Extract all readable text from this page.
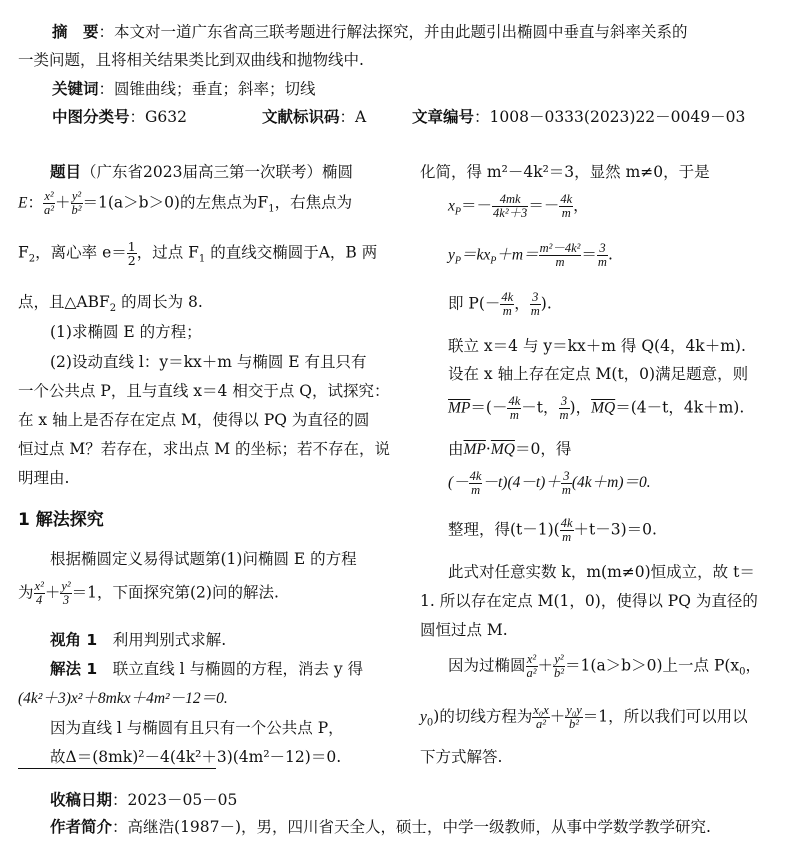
摘　要：本文对一道广东省高三联考题进行解法探究，并由此题引出椭圆中垂直与斜率关系的
一类问题，且将相关结果类比到双曲线和抛物线中.
关键词：圆锥曲线；垂直；斜率；切线
中图分类号：G632	文献标识码：A	文章编号：1008－0333(2023)22－0049－03
题目（广东省2023届高三第一次联考）椭圆
E： $\frac{\text{x²}}{\text{a²}} + \frac{\text{y²}}{\text{b²}} =1(a>b>0)$的左焦点为$F_1$，右焦点为
$F_2$，离心率 $e= \frac{1}{2}$ ，过点 $F_1$ 的直线交椭圆于A，B 两
点，且$\triangle ABF_2$ 的周长为 8.
(1)求椭圆 E 的方程；
(2)设动直线 l：y＝kx＋m 与椭圆 E 有且只有
一个公共点 P，且与直线 x＝4 相交于点 Q，试探究：
在 x 轴上是否存在定点 M，使得以 PQ 为直径的圆
恒过点 M？若存在，求出点 M 的坐标；若不存在，说
明理由.
1 解法探究
根据椭圆定义易得试题第(1)问椭圆 E 的方程
为 $\frac{\text{x²}}{4} + \frac{\text{y²}}{3} =1$，下面探究第(2)问的解法.
视角 1　利用判别式求解.
解法 1　联立直线 l 与椭圆的方程，消去 y 得
(4k²＋3)x²＋8mkx＋4m²－12＝0.
因为直线 l 与椭圆有且只有一个公共点 P，
故Δ＝(8mk)²－4(4k²＋3)(4m²－12)＝0.
化简，得 m²－4k²＝3，显然 m≠0，于是
$x_P=- \frac{4mk}{\text{4k²＋3}} =- \frac{4k}{m}$ ，
$y_P=kx_P+m= \frac{\text{m²－4k²}}{m} = \frac{3}{m}$ .
即 $P(- \frac{4k}{m}$ ， $\frac{3}{m}$ ).
联立 x＝4 与 y＝kx＋m 得 Q(4，4k＋m).
设在 x 轴上存在定点 M(t，0)满足题意，则
$\overline{MP}=(- \frac{4k}{m} -t$， $\frac{3}{m}$ )，$\overline{MQ}=(4-t$，4k＋m).
由$\overline{MP}\cdot\overline{MQ}=0$，得
(－ $\frac{4k}{m} -t)(4-t)+ \frac{3}{m} (4k+m)=0$.
整理，得$(t-1)( \frac{4k}{m} +t-3)=0$.
此式对任意实数 k，m(m≠0)恒成立，故 t＝
1. 所以存在定点 M(1，0)，使得以 PQ 为直径的
圆恒过点 M.
因为过椭圆 $\frac{\text{x²}}{\text{a²}} + \frac{\text{y²}}{\text{b²}} =1(a>b>0)$上一点 $P(x_0$，
$y_0$)的切线方程为 $\frac{\text{x₀x}}{\text{a²}} + \frac{\text{y₀y}}{\text{b²}} =1$，所以我们可以用以
下方式解答.
收稿日期：2023－05－05
作者简介：高继浩(1987－)，男，四川省天全人，硕士，中学一级教师，从事中学数学教学研究.
